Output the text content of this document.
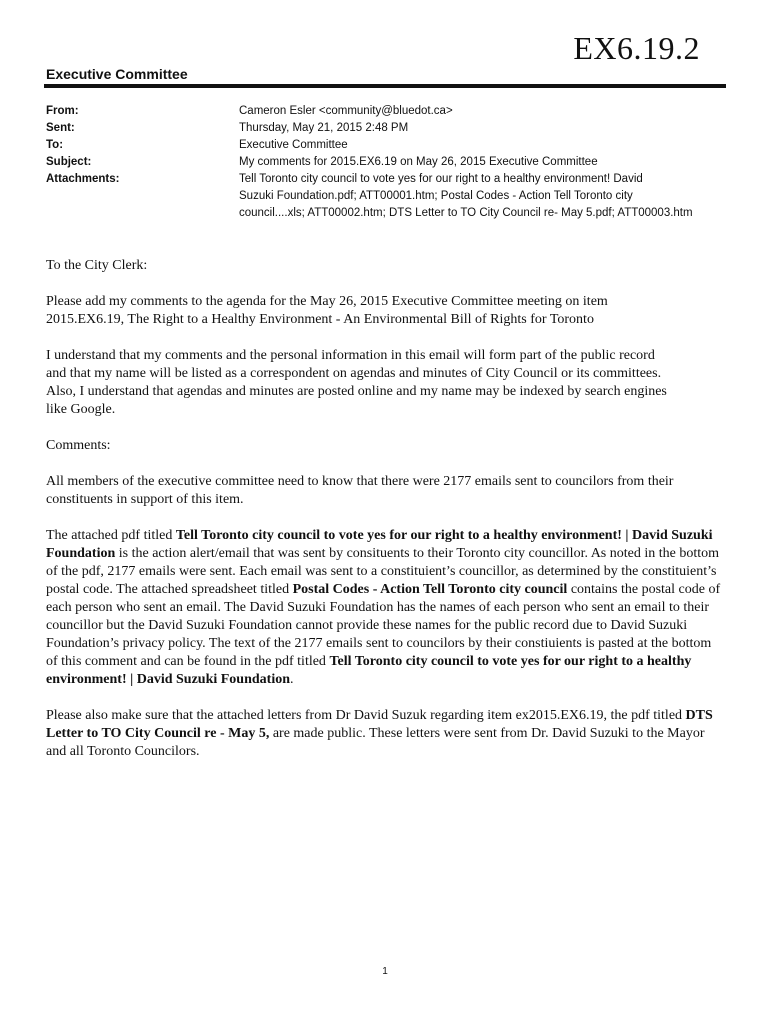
EX6.19.2
Executive Committee
From:	Cameron Esler <community@bluedot.ca>
Sent:	Thursday, May 21, 2015 2:48 PM
To:	Executive Committee
Subject:	My comments for 2015.EX6.19 on May 26, 2015 Executive Committee
Attachments:	Tell Toronto city council to vote yes for our right to a healthy environment! David
Suzuki Foundation.pdf; ATT00001.htm; Postal Codes - Action Tell Toronto city
council....xls; ATT00002.htm; DTS Letter to TO City Council re- May 5.pdf; ATT00003.htm

To the City Clerk:

Please add my comments to the agenda for the May 26, 2015 Executive Committee meeting on item
2015.EX6.19, The Right to a Healthy Environment - An Environmental Bill of Rights for Toronto

I understand that my comments and the personal information in this email will form part of the public record
and that my name will be listed as a correspondent on agendas and minutes of City Council or its committees.
Also, I understand that agendas and minutes are posted online and my name may be indexed by search engines
like Google.

Comments:

All members of the executive committee need to know that there were 2177 emails sent to councilors from their
constituents in support of this item.

The attached pdf titled Tell Toronto city council to vote yes for our right to a healthy environment! | David Suzuki Foundation is the action alert/email that was sent by consituents to their Toronto city councillor. As noted in the bottom of the pdf, 2177 emails were sent. Each email was sent to a constituient’s councillor, as determined by the constituient’s postal code. The attached spreadsheet titled Postal Codes - Action Tell Toronto city council contains the postal code of each person who sent an email. The David Suzuki Foundation has the names of each person who sent an email to their councillor but the David Suzuki Foundation cannot provide these names for the public record due to David Suzuki Foundation’s privacy policy. The text of the 2177 emails sent to councilors by their constiuients is pasted at the bottom of this comment and can be found in the pdf titled Tell Toronto city council to vote yes for our right to a healthy environment! | David Suzuki Foundation.

Please also make sure that the attached letters from Dr David Suzuk regarding item ex2015.EX6.19, the pdf titled DTS Letter to TO City Council re - May 5, are made public. These letters were sent from Dr. David Suzuki to the Mayor and all Toronto Councilors.

1
